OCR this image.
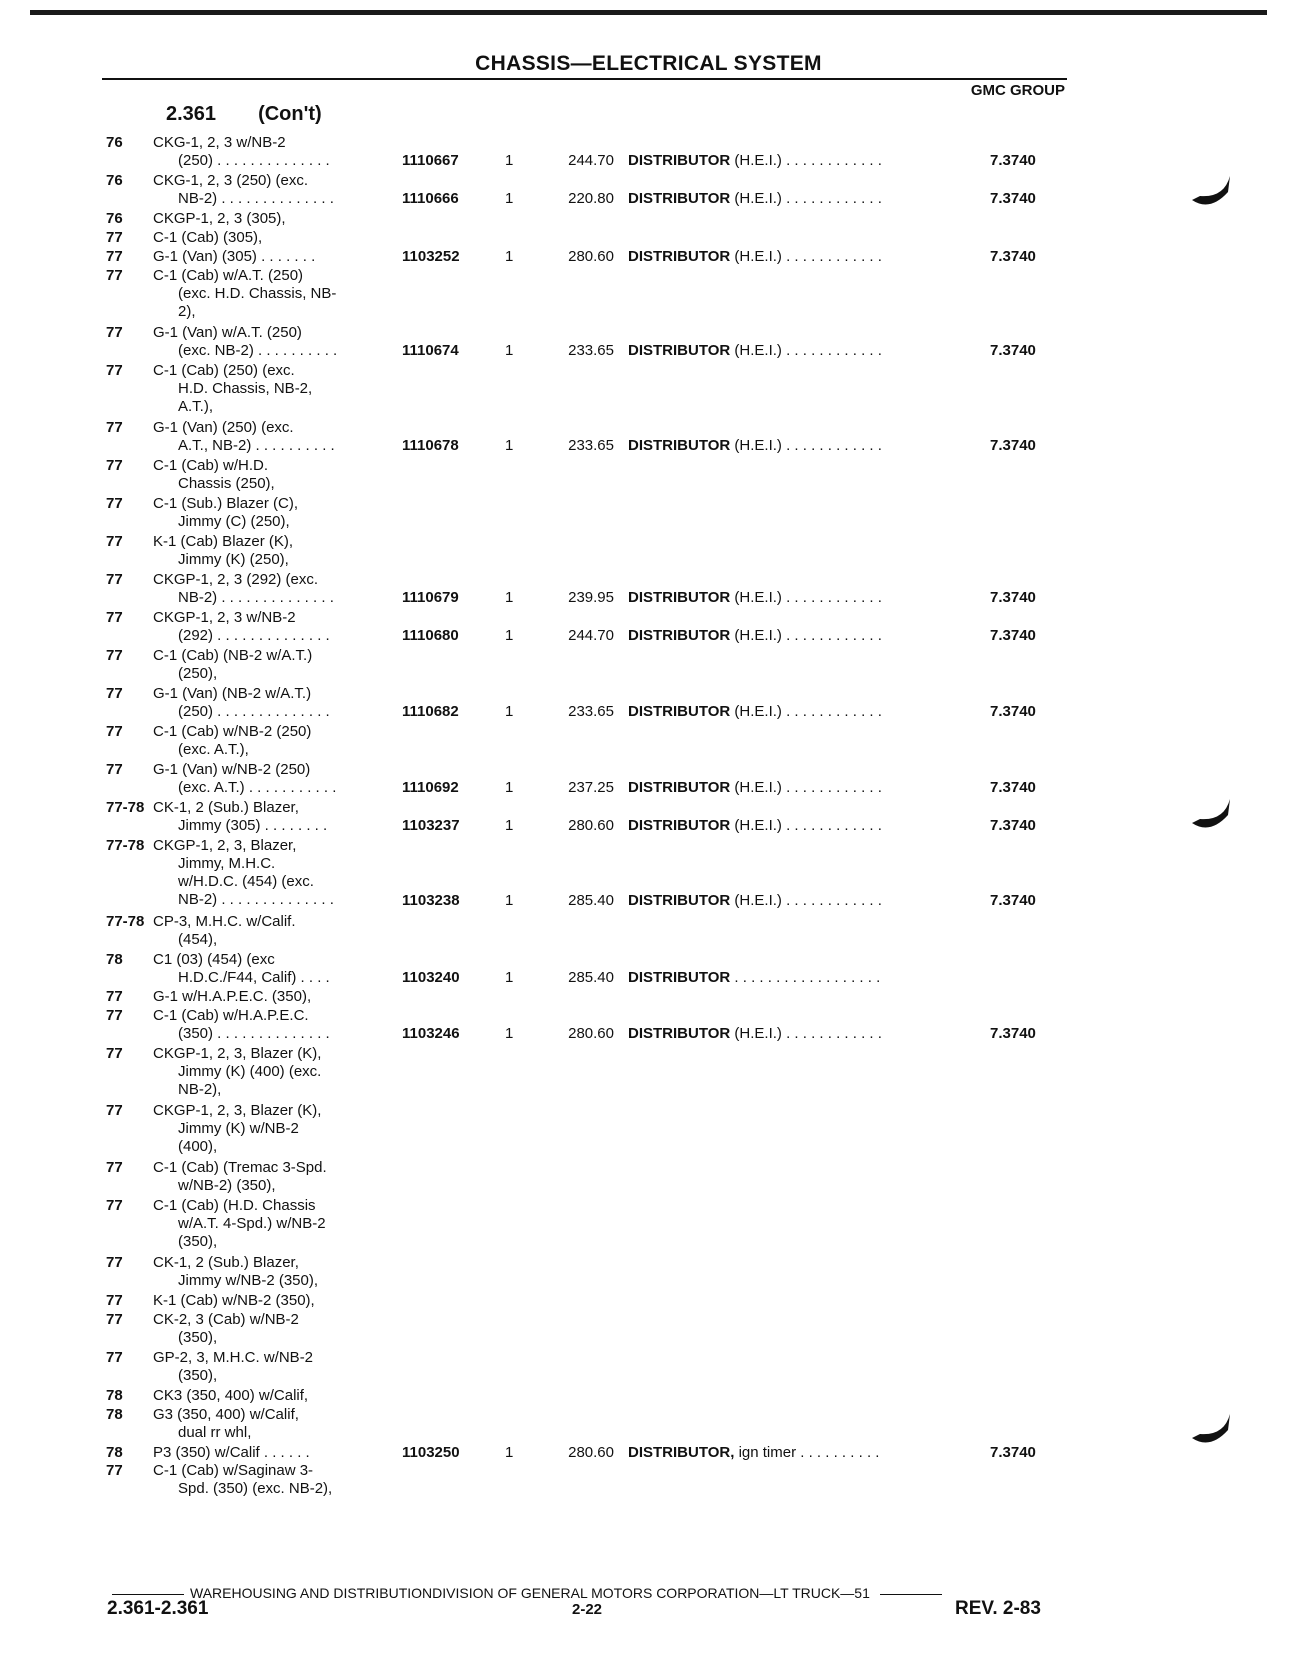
CHASSIS—ELECTRICAL SYSTEM
GMC GROUP
2.361 (Con't)
76 CKG-1, 2, 3 w/NB-2
(250) . . . . . . . . . . . . . .	1110667	1	244.70 DISTRIBUTOR (H.E.I.) . . . . . . . . . . . .	7.3740
76 CKG-1, 2, 3 (250) (exc.
NB-2) . . . . . . . . . . . . . .	1110666	1	220.80 DISTRIBUTOR (H.E.I.) . . . . . . . . . . . .	7.3740
76 CKGP-1, 2, 3 (305),
77 C-1 (Cab) (305),
77 G-1 (Van) (305) . . . . . . .	1103252	1	280.60 DISTRIBUTOR (H.E.I.) . . . . . . . . . . . .	7.3740
77 C-1 (Cab) w/A.T. (250)
(exc. H.D. Chassis, NB-
2),
77 G-1 (Van) w/A.T. (250)
(exc. NB-2) . . . . . . . . . .	1110674	1	233.65 DISTRIBUTOR (H.E.I.) . . . . . . . . . . . .	7.3740
77 C-1 (Cab) (250) (exc.
H.D. Chassis, NB-2,
A.T.),
77 G-1 (Van) (250) (exc.
A.T., NB-2) . . . . . . . . . .	1110678	1	233.65 DISTRIBUTOR (H.E.I.) . . . . . . . . . . . .	7.3740
77 C-1 (Cab) w/H.D.
Chassis (250),
77 C-1 (Sub.) Blazer (C),
Jimmy (C) (250),
77 K-1 (Cab) Blazer (K),
Jimmy (K) (250),
77 CKGP-1, 2, 3 (292) (exc.
NB-2) . . . . . . . . . . . . . .	1110679	1	239.95 DISTRIBUTOR (H.E.I.) . . . . . . . . . . . .	7.3740
77 CKGP-1, 2, 3 w/NB-2
(292) . . . . . . . . . . . . . .	1110680	1	244.70 DISTRIBUTOR (H.E.I.) . . . . . . . . . . . .	7.3740
77 C-1 (Cab) (NB-2 w/A.T.)
(250),
77 G-1 (Van) (NB-2 w/A.T.)
(250) . . . . . . . . . . . . . .	1110682	1	233.65 DISTRIBUTOR (H.E.I.) . . . . . . . . . . . .	7.3740
77 C-1 (Cab) w/NB-2 (250)
(exc. A.T.),
77 G-1 (Van) w/NB-2 (250)
(exc. A.T.) . . . . . . . . . . .	1110692	1	237.25 DISTRIBUTOR (H.E.I.) . . . . . . . . . . . .	7.3740
77-78 CK-1, 2 (Sub.) Blazer,
Jimmy (305) . . . . . . . .	1103237	1	280.60 DISTRIBUTOR (H.E.I.) . . . . . . . . . . . .	7.3740
77-78 CKGP-1, 2, 3, Blazer,
Jimmy, M.H.C.
w/H.D.C. (454) (exc.
NB-2) . . . . . . . . . . . . . .	1103238	1	285.40 DISTRIBUTOR (H.E.I.) . . . . . . . . . . . .	7.3740
77-78 CP-3, M.H.C. w/Calif.
(454),
78 C1 (03) (454) (exc
H.D.C./F44, Calif) . . . .	1103240	1	285.40 DISTRIBUTOR . . . . . . . . . . . . . . . . . .
77 G-1 w/H.A.P.E.C. (350),
77 C-1 (Cab) w/H.A.P.E.C.
(350) . . . . . . . . . . . . . .	1103246	1	280.60 DISTRIBUTOR (H.E.I.) . . . . . . . . . . . .	7.3740
77 CKGP-1, 2, 3, Blazer (K),
Jimmy (K) (400) (exc.
NB-2),
77 CKGP-1, 2, 3, Blazer (K),
Jimmy (K) w/NB-2
(400),
77 C-1 (Cab) (Tremac 3-Spd.
w/NB-2) (350),
77 C-1 (Cab) (H.D. Chassis
w/A.T. 4-Spd.) w/NB-2
(350),
77 CK-1, 2 (Sub.) Blazer,
Jimmy w/NB-2 (350),
77 K-1 (Cab) w/NB-2 (350),
77 CK-2, 3 (Cab) w/NB-2
(350),
77 GP-2, 3, M.H.C. w/NB-2
(350),
78 CK3 (350, 400) w/Calif,
78 G3 (350, 400) w/Calif,
dual rr whl,
78 P3 (350) w/Calif . . . . . .	1103250	1	280.60 DISTRIBUTOR, ign timer . . . . . . . . . .	7.3740
77 C-1 (Cab) w/Saginaw 3-
Spd. (350) (exc. NB-2),
WAREHOUSING AND DISTRIBUTIONDIVISION OF GENERAL MOTORS CORPORATION—LT TRUCK—51
2.361-2.361	2-22	REV. 2-83
